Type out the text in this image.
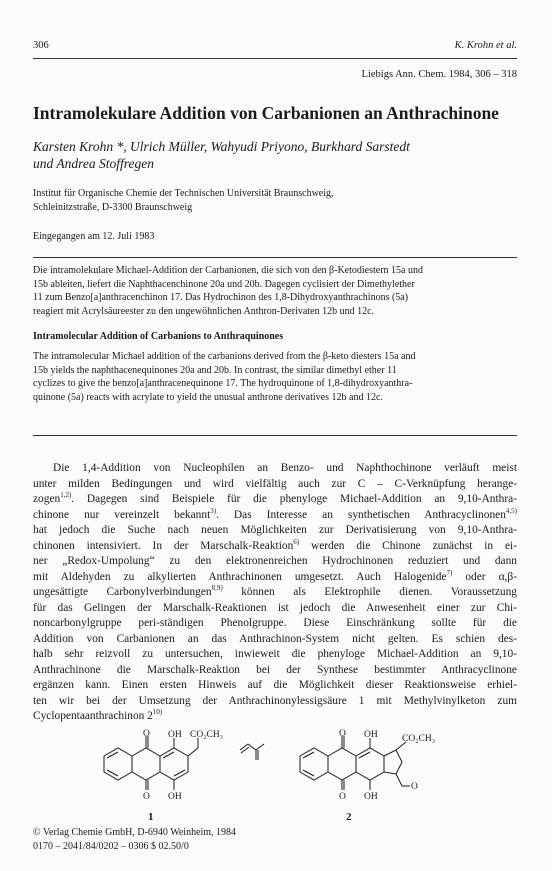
306	K. Krohn et al.
Liebigs Ann. Chem. 1984, 306 – 318
Intramolekulare Addition von Carbanionen an Anthrachinone
Karsten Krohn *, Ulrich Müller, Wahyudi Priyono, Burkhard Sarstedt
und Andrea Stoffregen
Institut für Organische Chemie der Technischen Universität Braunschweig,
Schleinitzstraße, D-3300 Braunschweig
Eingegangen am 12. Juli 1983
Die intramolekulare Michael-Addition der Carbanionen, die sich von den β-Ketodiestern 15a und
15b ableiten, liefert die Naphthacenchinone 20a und 20b. Dagegen cyclisiert der Dimethylether
11 zum Benzo[a]anthracenchinon 17. Das Hydrochinon des 1,8-Dihydroxyanthrachinons (5a)
reagiert mit Acrylsäureester zu den ungewöhnlichen Anthron-Derivaten 12b und 12c.
Intramolecular Addition of Carbanions to Anthraquinones
The intramolecular Michael addition of the carbanions derived from the β-keto diesters 15a and
15b yields the naphthacenequinones 20a and 20b. In contrast, the similar dimethyl ether 11
cyclizes to give the benzo[a]anthracenequinone 17. The hydroquinone of 1,8-dihydroxyanthra-
quinone (5a) reacts with acrylate to yield the unusual anthrone derivatives 12b and 12c.
Die 1,4-Addition von Nucleophilen an Benzo- und Naphthochinone verläuft meist
unter milden Bedingungen und wird vielfältig auch zur C – C-Verknüpfung herange-
zogen$^{1,2)}$. Dagegen sind Beispiele für die phenyloge Michael-Addition an 9,10-Anthra-
chinone nur vereinzelt bekannt$^{3)}$. Das Interesse an synthetischen Anthracyclinonen$^{4,5)}$
hat jedoch die Suche nach neuen Möglichkeiten zur Derivatisierung von 9,10-Anthra-
chinonen intensiviert. In der Marschalk-Reaktion$^{6)}$ werden die Chinone zunächst in ei-
ner „Redox-Umpolung“ zu den elektronenreichen Hydrochinonen reduziert und dann
mit Aldehyden zu alkylierten Anthrachinonen umgesetzt. Auch Halogenide$^{7)}$ oder α,β-
ungesättigte Carbonylverbindungen$^{8,9)}$ können als Elektrophile dienen. Voraussetzung
für das Gelingen der Marschalk-Reaktionen ist jedoch die Anwesenheit einer zur Chi-
noncarbonylgruppe peri-ständigen Phenolgruppe. Diese Einschränkung sollte für die
Addition von Carbanionen an das Anthrachinon-System nicht gelten. Es schien des-
halb sehr reizvoll zu untersuchen, inwieweit die phenyloge Michael-Addition an 9,10-
Anthrachinone die Marschalk-Reaktion bei der Synthese bestimmter Anthracyclinone
ergänzen kann. Einen ersten Hinweis auf die Möglichkeit dieser Reaktionsweise erhiel-
ten wir bei der Umsetzung der Anthrachinonylessigsäure 1 mit Methylvinylketon zum
Cyclopentaanthrachinon 2$^{10)}$
O OH CO₂CH₃
O OH
O OH	CO₂CH₃
O OH
O
1	2
© Verlag Chemie GmbH, D-6940 Weinheim, 1984
0170 – 2041/84/0202 – 0306 $ 02.50/0
